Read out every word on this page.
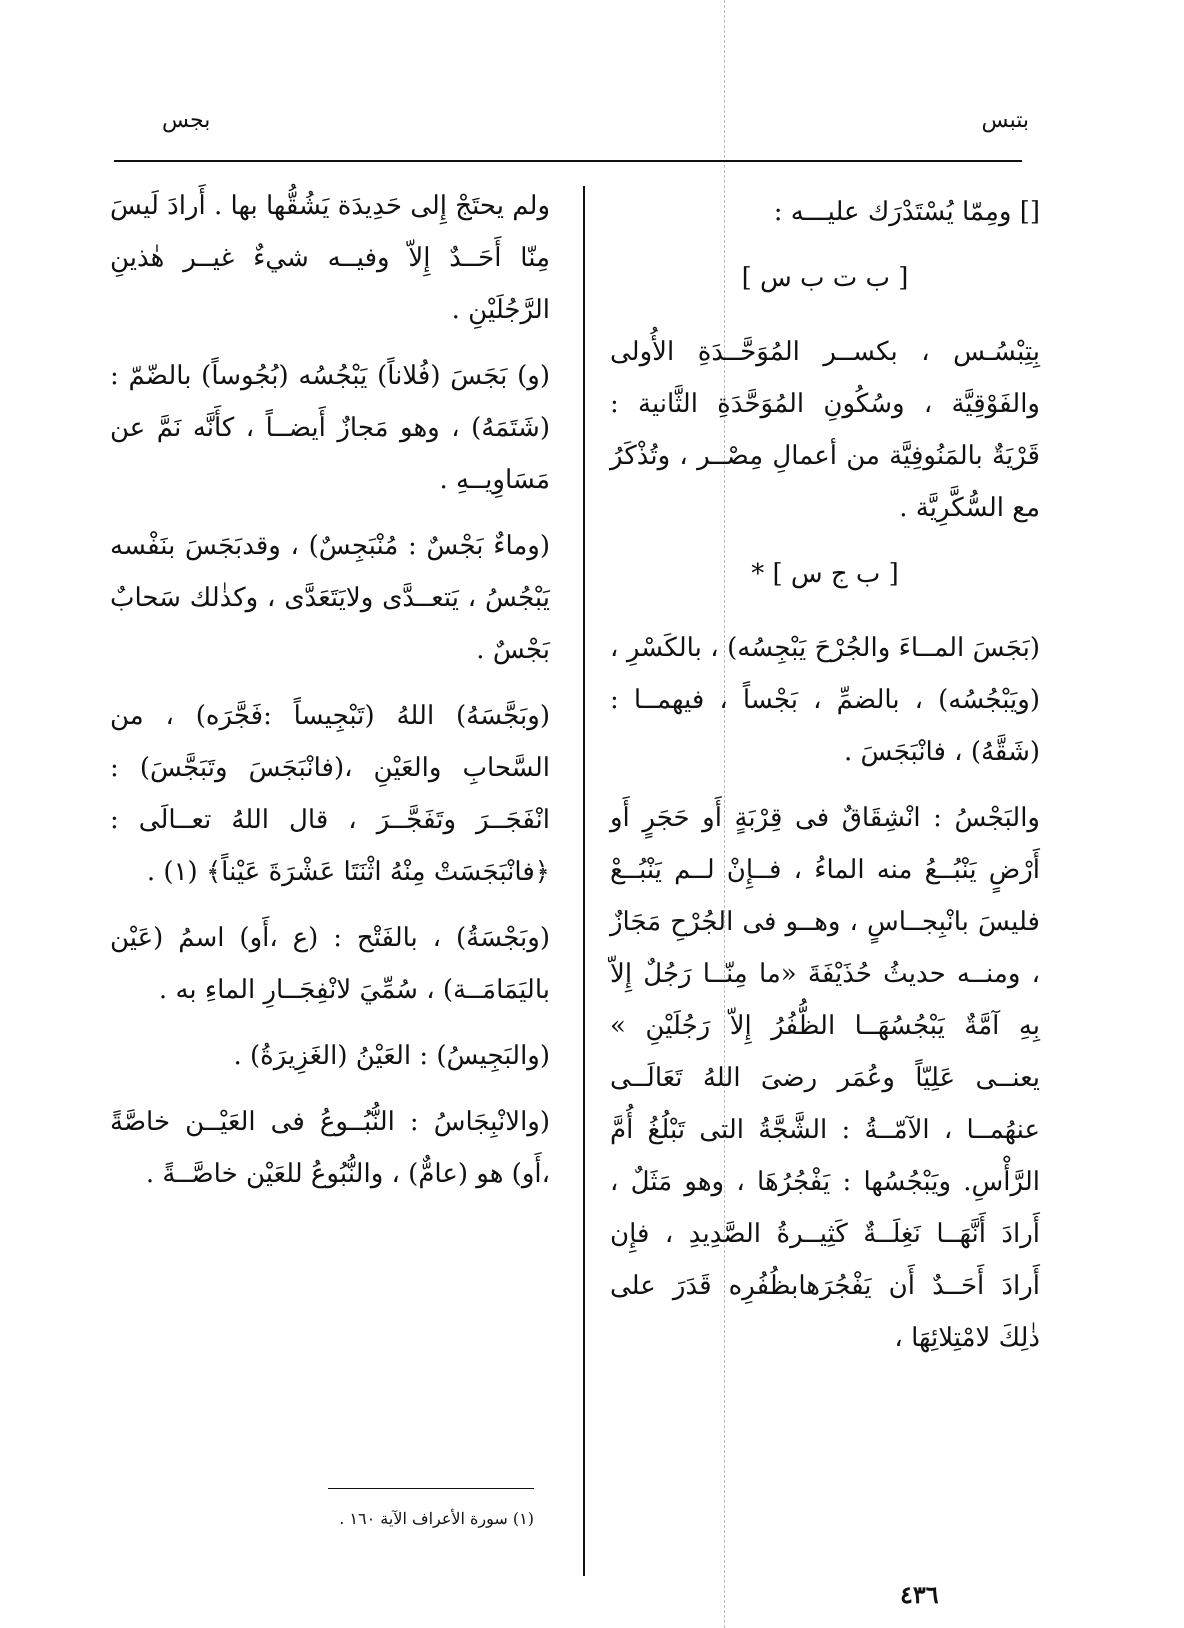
بتبس
بجس

[] ومِمّا يُسْتَدْرَك عليـــه :

[ ب ت ب س ]

بِتِبْسُـس ، بكســر المُوَحَّــدَةِ الأُولى والفَوْقِيَّة ، وسُكُونِ المُوَحَّدَةِ الثَّانية : قَرْيَةٌ بالمَنُوفِيَّة من أعمالِ مِصْــر ، وتُذْكَرُ مع السُّكَّرِيَّة .

[ ب ج س ] *

(بَجَسَ المــاءَ والجُرْحَ يَبْجِسُه) ، بالكَسْرِ ، (ويَبْجُسُه) ، بالضمِّ ، بَجْساً ، فيهمــا : (شَقَّهُ) ، فانْبَجَسَ .

والبَجْسُ : انْشِقَاقٌ فى قِرْبَةٍ أَو حَجَرٍ أَو أَرْضٍ يَنْبُــعُ منه الماءُ ، فــإِنْ لــم يَنْبُــعْ فليسَ بانْبِجــاسٍ ، وهــو فى الجُرْحِ مَجَازٌ ، ومنــه حديثُ حُذَيْفَةَ «ما مِنّــا رَجُلٌ إِلاّ بِهِ آمَّةٌ يَبْجُسُهَــا الظُّفُرُ إِلاّ رَجُلَيْنِ » يعنــى عَلِيّاً وعُمَر رضىَ اللهُ تَعَالَــى عنهُمــا ، الآمّــةُ : الشَّجَّةُ التى تَبْلُغُ أُمَّ الرَّأْسِ. ويَبْجُسُها : يَفْجُرُهَا ، وهو مَثَلٌ ، أَرادَ أَنَّهَــا نَغِلَــةٌ كَثِيــرةُ الصَّدِيدِ ، فإِن أَرادَ أَحَــدٌ أَن يَفْجُرَهابظُفُرِه قَدَرَ على ذٰلِكَ لامْتِلائِهَا ،

ولم يحتَجْ إِلى حَدِيدَة يَشُقُّها بها . أَرادَ لَيسَ مِنّا أَحَــدٌ إِلاّ وفيــه شيءٌ غيــر هٰذينِ الرَّجُلَيْنِ .

(و) بَجَسَ (فُلاناً) يَبْجُسُه (بُجُوساً) بالضّمّ : (شَتَمَهُ) ، وهو مَجازٌ أَيضــاً ، كأَنَّه نَمَّ عن مَسَاوِيــهِ .

(وماءٌ بَجْسٌ : مُنْبَجِسٌ) ، وقدبَجَسَ بنَفْسه يَبْجُسُ ، يَتعــدَّى ولايَتَعَدَّى ، وكذٰلك سَحابٌ بَجْسٌ .

(وبَجَّسَهُ) اللهُ (تَبْجِيساً :فَجَّرَه) ، من السَّحابِ والعَيْنِ ،(فانْبَجَسَ وتَبَجَّسَ) : انْفَجَــرَ وتَفَجَّــرَ ، قال اللهُ تعــالَى : ﴿فانْبَجَسَتْ مِنْهُ اثْنَتَا عَشْرَةَ عَيْناً﴾ (١) .

(وبَجْسَةُ) ، بالفَتْح : (ع ،أَو) اسمُ (عَيْن باليَمَامَــة) ، سُمِّيَ لانْفِجَــارِ الماءِ به .

(والبَجِيسُ) : العَيْنُ (الغَزِيرَةُ) .

(والانْبِجَاسُ : النُّبُــوعُ فى العَيْــن خاصَّةً ،أَو) هو (عامٌّ) ، والنُّبُوعُ للعَيْن خاصَّــةً .

(١) سورة الأعراف الآية ١٦٠ .
٤٣٦
